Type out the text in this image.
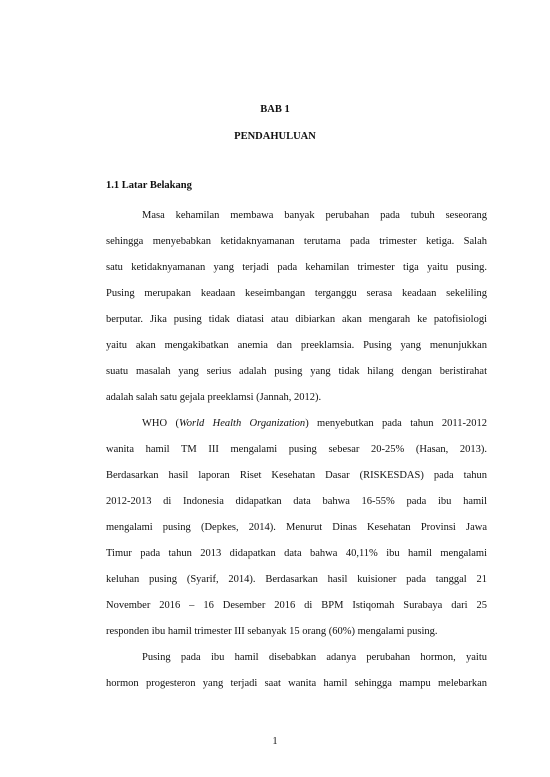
BAB 1
PENDAHULUAN
1.1 Latar Belakang
Masa kehamilan membawa banyak perubahan pada tubuh seseorang
sehingga menyebabkan ketidaknyamanan terutama pada trimester ketiga. Salah
satu ketidaknyamanan yang terjadi pada kehamilan trimester tiga yaitu pusing.
Pusing merupakan keadaan keseimbangan terganggu serasa keadaan sekeliling
berputar. Jika pusing tidak diatasi atau dibiarkan akan mengarah ke patofisiologi
yaitu akan mengakibatkan anemia dan preeklamsia. Pusing yang menunjukkan
suatu masalah yang serius adalah pusing yang tidak hilang dengan beristirahat
adalah salah satu gejala preeklamsi (Jannah, 2012).
WHO (World Health Organization) menyebutkan pada tahun 2011-2012
wanita hamil TM III mengalami pusing sebesar 20-25% (Hasan, 2013).
Berdasarkan hasil laporan Riset Kesehatan Dasar (RISKESDAS) pada tahun
2012-2013 di Indonesia didapatkan data bahwa 16-55% pada ibu hamil
mengalami pusing (Depkes, 2014). Menurut Dinas Kesehatan Provinsi Jawa
Timur pada tahun 2013 didapatkan data bahwa 40,11% ibu hamil mengalami
keluhan pusing (Syarif, 2014). Berdasarkan hasil kuisioner pada tanggal 21
November 2016 – 16 Desember 2016 di BPM Istiqomah Surabaya dari 25
responden ibu hamil trimester III sebanyak 15 orang (60%) mengalami pusing.
Pusing pada ibu hamil disebabkan adanya perubahan hormon, yaitu
hormon progesteron yang terjadi saat wanita hamil sehingga mampu melebarkan
1
